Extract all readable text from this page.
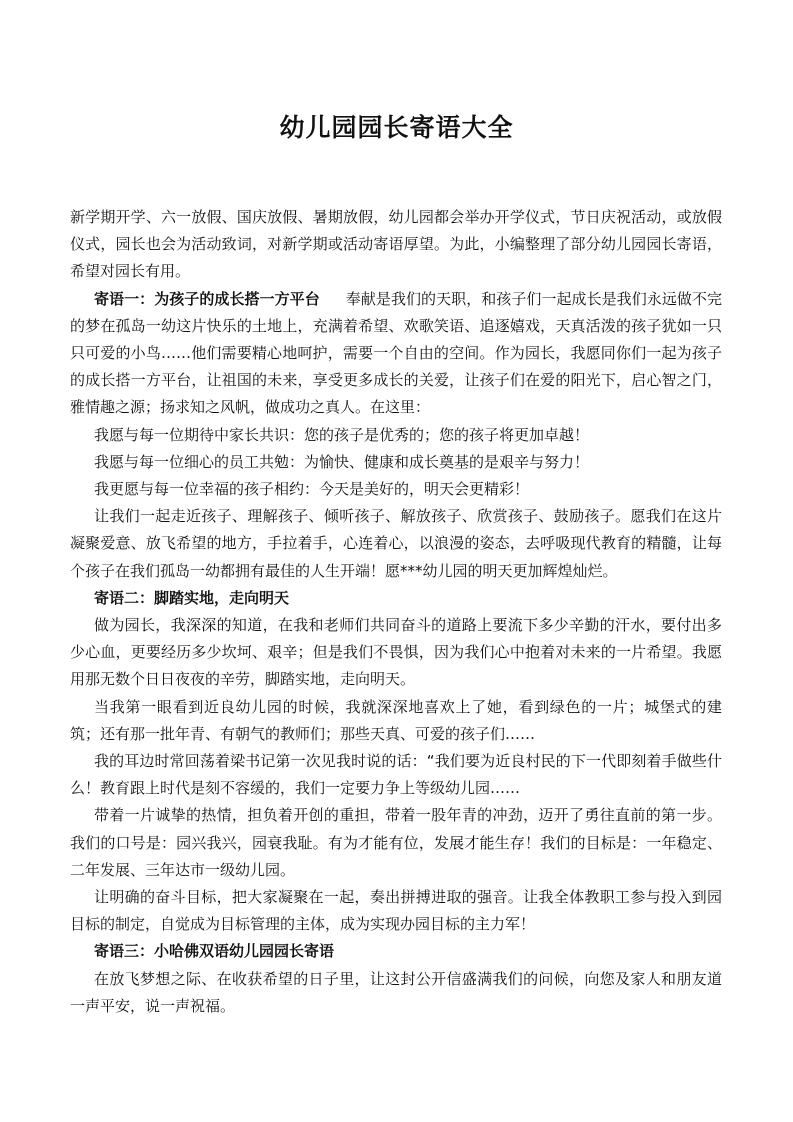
幼儿园园长寄语大全

新学期开学、六一放假、国庆放假、暑期放假，幼儿园都会举办开学仪式，节日庆祝活动，或放假仪式，园长也会为活动致词，对新学期或活动寄语厚望。为此，小编整理了部分幼儿园园长寄语，希望对园长有用。

寄语一：为孩子的成长搭一方平台 奉献是我们的天职，和孩子们一起成长是我们永远做不完的梦在孤岛一幼这片快乐的土地上，充满着希望、欢歌笑语、追逐嬉戏，天真活泼的孩子犹如一只只可爱的小鸟……他们需要精心地呵护，需要一个自由的空间。作为园长，我愿同你们一起为孩子的成长搭一方平台，让祖国的未来，享受更多成长的关爱，让孩子们在爱的阳光下，启心智之门，雅情趣之源；扬求知之风帆，做成功之真人。在这里：

我愿与每一位期待中家长共识：您的孩子是优秀的；您的孩子将更加卓越！

我愿与每一位细心的员工共勉：为愉快、健康和成长奠基的是艰辛与努力！

我更愿与每一位幸福的孩子相约：今天是美好的，明天会更精彩！

让我们一起走近孩子、理解孩子、倾听孩子、解放孩子、欣赏孩子、鼓励孩子。愿我们在这片凝聚爱意、放飞希望的地方，手拉着手，心连着心，以浪漫的姿态，去呼吸现代教育的精髓，让每个孩子在我们孤岛一幼都拥有最佳的人生开端！愿***幼儿园的明天更加辉煌灿烂。

寄语二：脚踏实地，走向明天

做为园长，我深深的知道，在我和老师们共同奋斗的道路上要流下多少辛勤的汗水，要付出多少心血，更要经历多少坎坷、艰辛；但是我们不畏惧，因为我们心中抱着对未来的一片希望。我愿用那无数个日日夜夜的辛劳，脚踏实地，走向明天。

当我第一眼看到近良幼儿园的时候，我就深深地喜欢上了她，看到绿色的一片；城堡式的建筑；还有那一批年青、有朝气的教师们；那些天真、可爱的孩子们……

我的耳边时常回荡着梁书记第一次见我时说的话：“我们要为近良村民的下一代即刻着手做些什么！教育跟上时代是刻不容缓的，我们一定要力争上等级幼儿园……

带着一片诚挚的热情，担负着开创的重担，带着一股年青的冲劲，迈开了勇往直前的第一步。我们的口号是：园兴我兴，园衰我耻。有为才能有位，发展才能生存！我们的目标是：一年稳定、二年发展、三年达市一级幼儿园。

让明确的奋斗目标，把大家凝聚在一起，奏出拼搏进取的强音。让我全体教职工参与投入到园目标的制定，自觉成为目标管理的主体，成为实现办园目标的主力军！

寄语三：小哈佛双语幼儿园园长寄语

在放飞梦想之际、在收获希望的日子里，让这封公开信盛满我们的问候，向您及家人和朋友道一声平安，说一声祝福。
